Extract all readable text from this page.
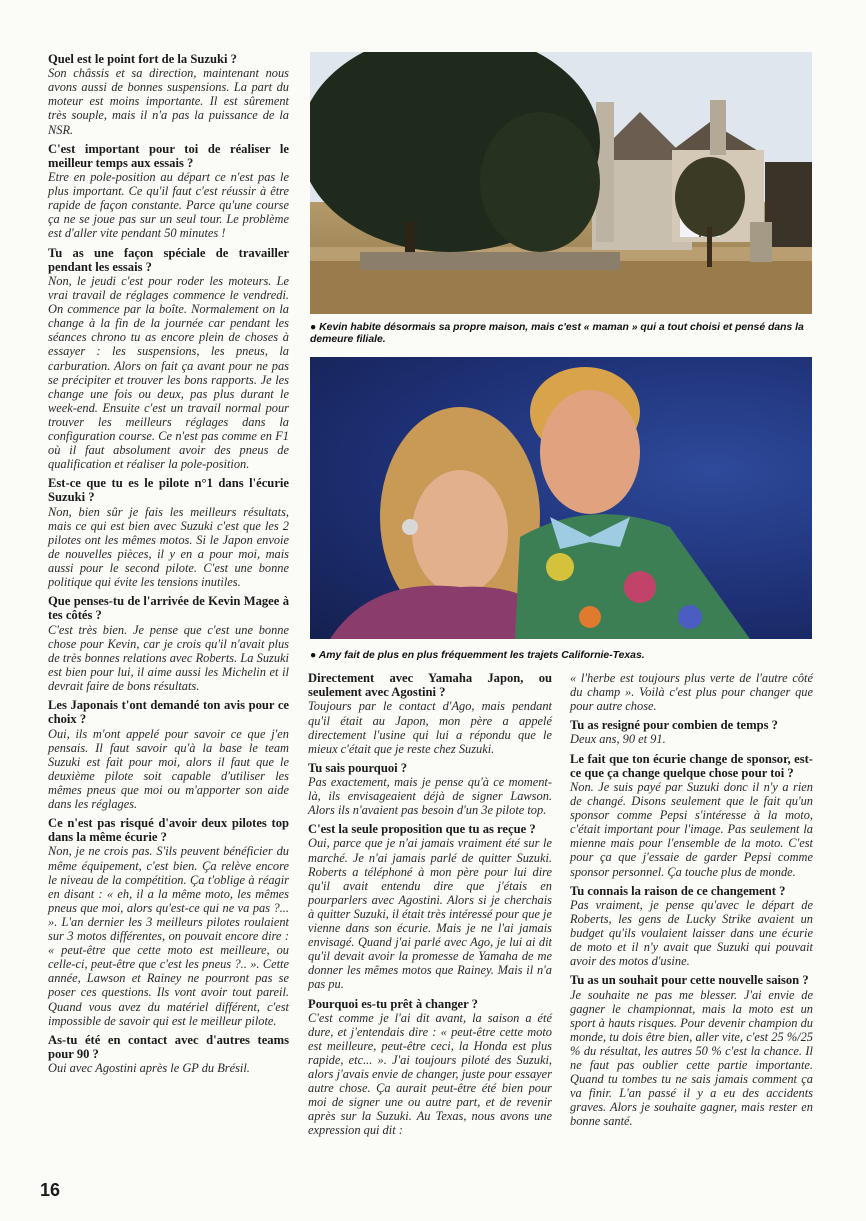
Quel est le point fort de la Suzuki ?

Son châssis et sa direction, maintenant nous avons aussi de bonnes suspensions. La part du moteur est moins importante. Il est sûrement très souple, mais il n'a pas la puissance de la NSR.

C'est important pour toi de réaliser le meilleur temps aux essais ?

Etre en pole-position au départ ce n'est pas le plus important. Ce qu'il faut c'est réussir à être rapide de façon constante. Parce qu'une course ça ne se joue pas sur un seul tour. Le problème est d'aller vite pendant 50 minutes !

Tu as une façon spéciale de travailler pendant les essais ?

Non, le jeudi c'est pour roder les moteurs. Le vrai travail de réglages commence le vendredi. On commence par la boîte. Normalement on la change à la fin de la journée car pendant les séances chrono tu as encore plein de choses à essayer : les suspensions, les pneus, la carburation. Alors on fait ça avant pour ne pas se précipiter et trouver les bons rapports. Je les change une fois ou deux, pas plus durant le week-end. Ensuite c'est un travail normal pour trouver les meilleurs réglages dans la configuration course. Ce n'est pas comme en F1 où il faut absolument avoir des pneus de qualification et réaliser la pole-position.

Est-ce que tu es le pilote n°1 dans l'écurie Suzuki ?

Non, bien sûr je fais les meilleurs résultats, mais ce qui est bien avec Suzuki c'est que les 2 pilotes ont les mêmes motos. Si le Japon envoie de nouvelles pièces, il y en a pour moi, mais aussi pour le second pilote. C'est une bonne politique qui évite les tensions inutiles.

Que penses-tu de l'arrivée de Kevin Magee à tes côtés ?

C'est très bien. Je pense que c'est une bonne chose pour Kevin, car je crois qu'il n'avait plus de très bonnes relations avec Roberts. La Suzuki est bien pour lui, il aime aussi les Michelin et il devrait faire de bons résultats.

Les Japonais t'ont demandé ton avis pour ce choix ?

Oui, ils m'ont appelé pour savoir ce que j'en pensais. Il faut savoir qu'à la base le team Suzuki est fait pour moi, alors il faut que le deuxième pilote soit capable d'utiliser les mêmes pneus que moi ou m'apporter son aide dans les réglages.

Ce n'est pas risqué d'avoir deux pilotes top dans la même écurie ?

Non, je ne crois pas. S'ils peuvent bénéficier du même équipement, c'est bien. Ça relève encore le niveau de la compétition. Ça t'oblige à réagir en disant : « eh, il a la même moto, les mêmes pneus que moi, alors qu'est-ce qui ne va pas ?... ». L'an dernier les 3 meilleurs pilotes roulaient sur 3 motos différentes, on pouvait encore dire : « peut-être que cette moto est meilleure, ou celle-ci, peut-être que c'est les pneus ?.. ». Cette année, Lawson et Rainey ne pourront pas se poser ces questions. Ils vont avoir tout pareil. Quand vous avez du matériel différent, c'est impossible de savoir qui est le meilleur pilote.

As-tu été en contact avec d'autres teams pour 90 ?

Oui avec Agostini après le GP du Brésil.

● Kevin habite désormais sa propre maison, mais c'est « maman » qui a tout choisi et pensé dans la demeure filiale.
● Amy fait de plus en plus fréquemment les trajets Californie-Texas.

Directement avec Yamaha Japon, ou seulement avec Agostini ?

Toujours par le contact d'Ago, mais pendant qu'il était au Japon, mon père a appelé directement l'usine qui lui a répondu que le mieux c'était que je reste chez Suzuki.

Tu sais pourquoi ?

Pas exactement, mais je pense qu'à ce moment-là, ils envisageaient déjà de signer Lawson. Alors ils n'avaient pas besoin d'un 3e pilote top.

C'est la seule proposition que tu as reçue ?

Oui, parce que je n'ai jamais vraiment été sur le marché. Je n'ai jamais parlé de quitter Suzuki. Roberts a téléphoné à mon père pour lui dire qu'il avait entendu dire que j'étais en pourparlers avec Agostini. Alors si je cherchais à quitter Suzuki, il était très intéressé pour que je vienne dans son écurie. Mais je ne l'ai jamais envisagé. Quand j'ai parlé avec Ago, je lui ai dit qu'il devait avoir la promesse de Yamaha de me donner les mêmes motos que Rainey. Mais il n'a pas pu.

Pourquoi es-tu prêt à changer ?

C'est comme je l'ai dit avant, la saison a été dure, et j'entendais dire : « peut-être cette moto est meilleure, peut-être ceci, la Honda est plus rapide, etc... ». J'ai toujours piloté des Suzuki, alors j'avais envie de changer, juste pour essayer autre chose. Ça aurait peut-être été bien pour moi de signer une ou autre part, et de revenir après sur la Suzuki. Au Texas, nous avons une expression qui dit :

« l'herbe est toujours plus verte de l'autre côté du champ ». Voilà c'est plus pour changer que pour autre chose.

Tu as resigné pour combien de temps ?

Deux ans, 90 et 91.

Le fait que ton écurie change de sponsor, est-ce que ça change quelque chose pour toi ?

Non. Je suis payé par Suzuki donc il n'y a rien de changé. Disons seulement que le fait qu'un sponsor comme Pepsi s'intéresse à la moto, c'était important pour l'image. Pas seulement la mienne mais pour l'ensemble de la moto. C'est pour ça que j'essaie de garder Pepsi comme sponsor personnel. Ça touche plus de monde.

Tu connais la raison de ce changement ?

Pas vraiment, je pense qu'avec le départ de Roberts, les gens de Lucky Strike avaient un budget qu'ils voulaient laisser dans une écurie de moto et il n'y avait que Suzuki qui pouvait avoir des motos d'usine.

Tu as un souhait pour cette nouvelle saison ?

Je souhaite ne pas me blesser. J'ai envie de gagner le championnat, mais la moto est un sport à hauts risques. Pour devenir champion du monde, tu dois être bien, aller vite, c'est 25 %/25 % du résultat, les autres 50 % c'est la chance. Il ne faut pas oublier cette partie importante. Quand tu tombes tu ne sais jamais comment ça va finir. L'an passé il y a eu des accidents graves. Alors je souhaite gagner, mais rester en bonne santé.

16
